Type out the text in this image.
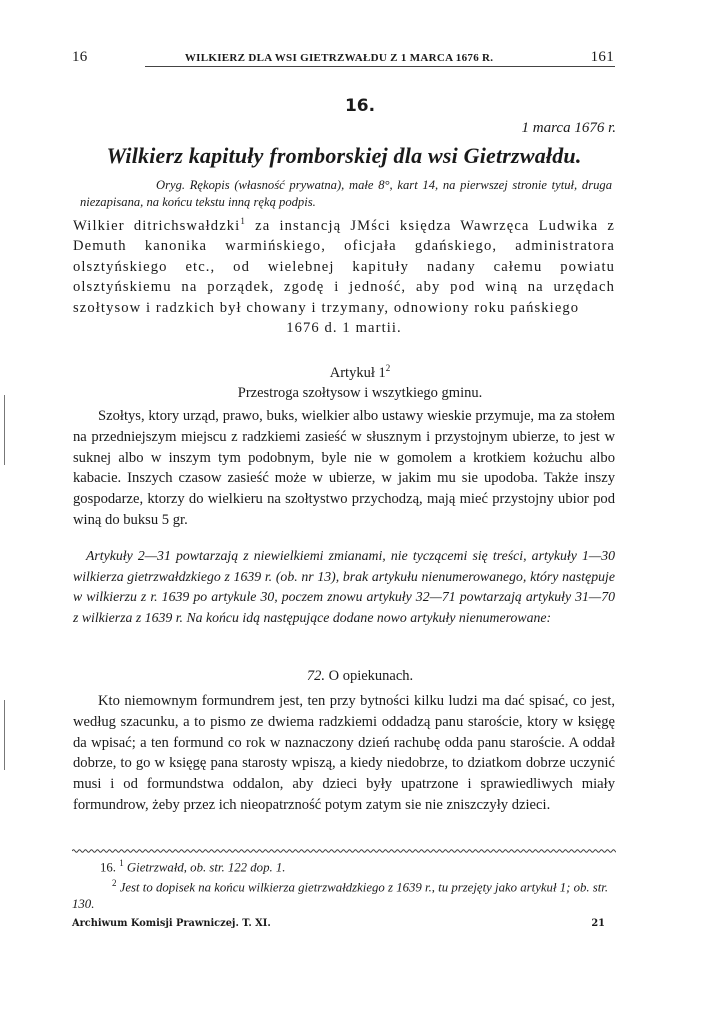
16	WILKIERZ DLA WSI GIETRZWAŁDU Z 1 MARCA 1676 R.	161
16.
1 marca 1676 r.
Wilkierz kapituły fromborskiej dla wsi Gietrzwałdu.
Oryg. Rękopis (własność prywatna), małe 8°, kart 14, na pierwszej stronie tytuł, druga niezapisana, na końcu tekstu inną ręką podpis.
Wilkier ditrichswałdzki$^1$ za instancją JMści księdza Wawrzęca Ludwika z Demuth kanonika warmińskiego, oficjała gdańskiego, administratora olsztyńskiego etc., od wielebnej kapituły nadany całemu powiatu olsztyńskiemu na porządek, zgodę i jedność, aby pod winą na urzędach szołtysow i radzkich był chowany i trzymany, odnowiony roku pańskiego
1676 d. 1 martii.
Artykuł $1^2$
Przestroga szołtysow i wszytkiego gminu.
Szołtys, ktory urząd, prawo, buks, wielkier albo ustawy wieskie przymuje, ma za stołem na przedniejszym miejscu z radzkiemi zasieść w słusznym i przystojnym ubierze, to jest w suknej albo w inszym tym podobnym, byle nie w gomolem a krotkiem kożuchu albo kabacie. Inszych czasow zasieść może w ubierze, w jakim mu sie upodoba. Także inszy gospodarze, ktorzy do wielkieru na szołtystwo przychodzą, mają mieć przystojny ubior pod winą do buksu 5 gr.
Artykuły 2—31 powtarzają z niewielkiemi zmianami, nie tyczącemi się treści, artykuły 1—30 wilkierza gietrzwałdzkiego z 1639 r. (ob. nr 13), brak artykułu nienumerowanego, który następuje w wilkierzu z r. 1639 po artykule 30, poczem znowu artykuły 32—71 powtarzają artykuły 31—70 z wilkierza z 1639 r. Na końcu idą następujące dodane nowo artykuły nienumerowane:
72. O opiekunach.
Kto niemownym formundrem jest, ten przy bytności kilku ludzi ma dać spisać, co jest, według szacunku, a to pismo ze dwiema radzkiemi oddadzą panu staroście, ktory w księgę da wpisać; a ten formund co rok w naznaczony dzień rachubę odda panu staroście. A oddał dobrze, to go w księgę pana starosty wpiszą, a kiedy niedobrze, to dziatkom dobrze uczynić musi i od formundstwa oddalon, aby dzieci były upatrzone i sprawiedliwych miały formundrow, żeby przez ich nieopatrzność potym zatym sie nie zniszczyły dzieci.
16. $^1$ Gietrzwałd, ob. str. 122 dop. 1.
$^2$ Jest to dopisek na końcu wilkierza gietrzwałdzkiego z 1639 r., tu przejęty jako artykuł 1; ob. str. 130.
Archiwum Komisji Prawniczej. T. XI.	21
